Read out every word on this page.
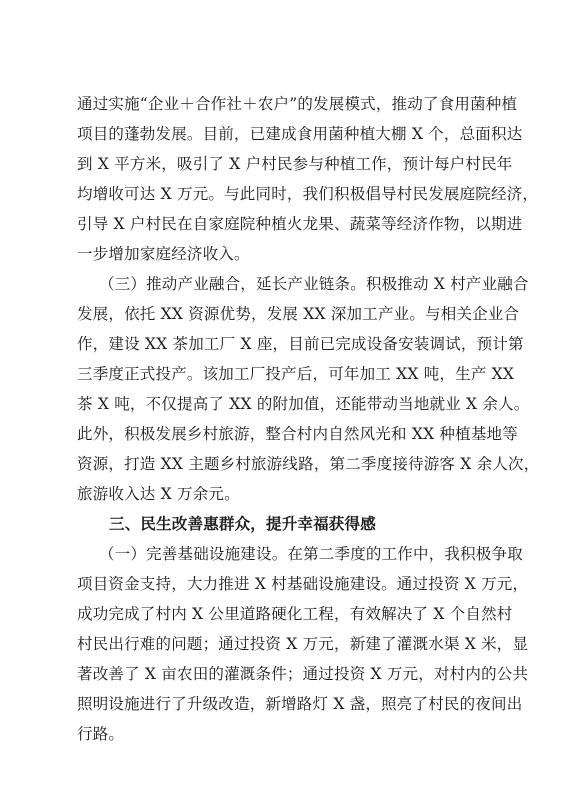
通过实施“企业＋合作社＋农户”的发展模式，推动了食用菌种植
项目的蓬勃发展。目前，已建成食用菌种植大棚 X 个，总面积达
到 X 平方米，吸引了 X 户村民参与种植工作，预计每户村民年
均增收可达 X 万元。与此同时，我们积极倡导村民发展庭院经济，
引导 X 户村民在自家庭院种植火龙果、蔬菜等经济作物，以期进
一步增加家庭经济收入。
（三）推动产业融合，延长产业链条。积极推动 X 村产业融合
发展，依托 XX 资源优势，发展 XX 深加工产业。与相关企业合
作，建设 XX 茶加工厂 X 座，目前已完成设备安装调试，预计第
三季度正式投产。该加工厂投产后，可年加工 XX 吨，生产 XX
茶 X 吨，不仅提高了 XX 的附加值，还能带动当地就业 X 余人。
此外，积极发展乡村旅游，整合村内自然风光和 XX 种植基地等
资源，打造 XX 主题乡村旅游线路，第二季度接待游客 X 余人次，
旅游收入达 X 万余元。
三、民生改善惠群众，提升幸福获得感
（一）完善基础设施建设。在第二季度的工作中，我积极争取
项目资金支持，大力推进 X 村基础设施建设。通过投资 X 万元，
成功完成了村内 X 公里道路硬化工程，有效解决了 X 个自然村
村民出行难的问题；通过投资 X 万元，新建了灌溉水渠 X 米，显
著改善了 X 亩农田的灌溉条件；通过投资 X 万元，对村内的公共
照明设施进行了升级改造，新增路灯 X 盏，照亮了村民的夜间出
行路。
